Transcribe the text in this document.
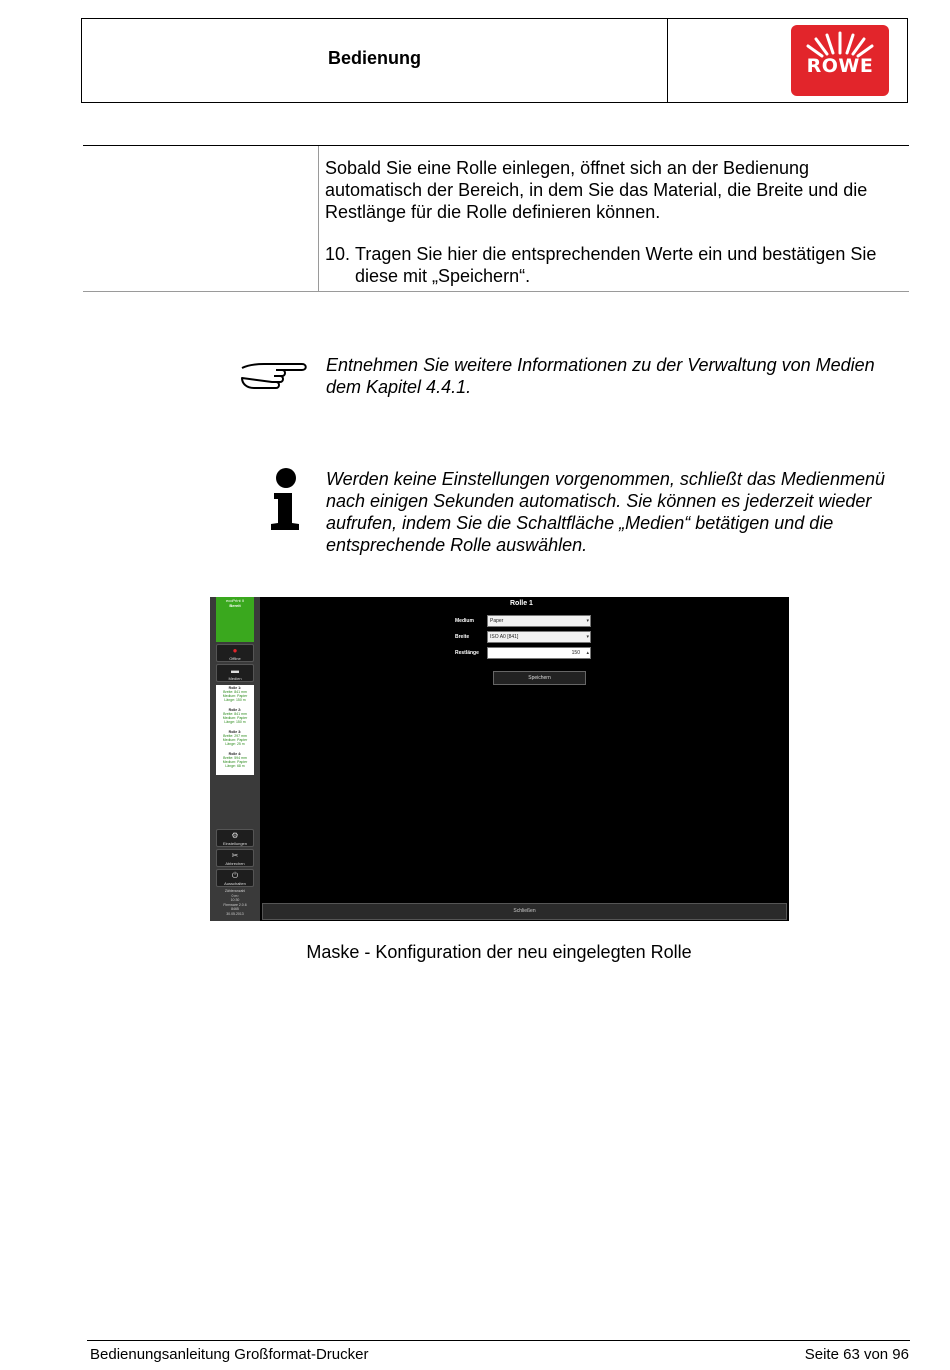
Bedienung	ROWE
Sobald Sie eine Rolle einlegen, öffnet sich an der Bedienung automatisch der Bereich, in dem Sie das Material, die Breite und die Restlänge für die Rolle definieren können.
10. Tragen Sie hier die entsprechenden Werte ein und bestätigen Sie diese mit „Speichern“.
Entnehmen Sie weitere Informationen zu der Verwaltung von Medien dem Kapitel 4.4.1.
Werden keine Einstellungen vorgenommen, schließt das Medienmenü nach einigen Sekunden automatisch. Sie können es jederzeit wieder aufrufen, indem Sie die Schaltfläche „Medien“ betätigen und die entsprechende Rolle auswählen.
ecoPrint II
Bereit
●
Offline
▬
Medien
Rolle 1:
Breite: 841 mm
Medium: Papier
Länge: 150 m
Rolle 2:
Breite: 841 mm
Medium: Papier
Länge: 150 m
Rolle 3:
Breite: 297 mm
Medium: Papier
Länge: 25 m
Rolle 4:
Breite: 594 mm
Medium: Papier
Länge: 68 m
⚙
Einstellungen
✂
Abbrechen
⏻
Ausschalten
Zähleranzahl
0 m²
10:30
Firmware 2.0.6
8465
30.05.2013
Rolle 1
Medium	Paper	▾
Breite	ISO A0 [841]	▾
Restlänge	150 ▴
Speichern
Schließen
Maske - Konfiguration der neu eingelegten Rolle
Bedienungsanleitung Großformat-Drucker	Seite 63 von 96
